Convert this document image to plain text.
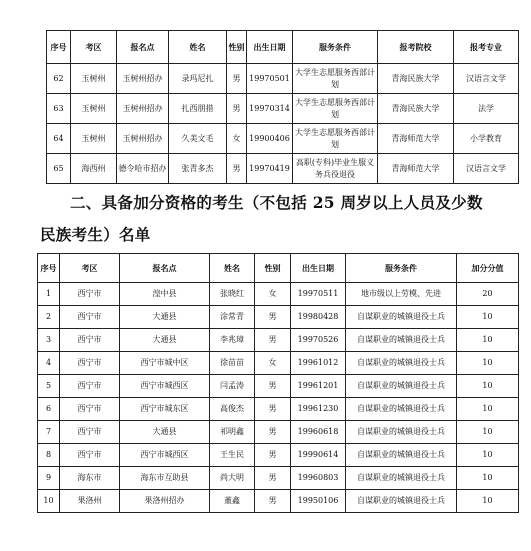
序号	考区	报名点	姓名	性别	出生日期	服务条件	报考院校	报考专业
62	玉树州	玉树州招办	录玛尼扎	男	19970501	大学生志愿服务西部计划	青海民族大学	汉语言文学
63	玉树州	玉树州招办	扎西朋措	男	19970314	大学生志愿服务西部计划	青海民族大学	法学
64	玉树州	玉树州招办	久美文毛	女	19900406	大学生志愿服务西部计划	青海师范大学	小学教育
65	海西州	德令哈市招办	张青多杰	男	19970419	高职(专科)毕业生服义务兵役退役	青海师范大学	汉语言文学
二、具备加分资格的考生（不包括 25 周岁以上人员及少数
民族考生）名单
序号	考区	报名点	姓名	性别	出生日期	服务条件	加分分值
1	西宁市	湟中县	张晓红	女	19970511	地市级以上劳模、先进	20
2	西宁市	大通县	涂常青	男	19980428	自谋职业的城镇退役士兵	10
3	西宁市	大通县	李兆璋	男	19970526	自谋职业的城镇退役士兵	10
4	西宁市	西宁市城中区	徐苗苗	女	19961012	自谋职业的城镇退役士兵	10
5	西宁市	西宁市城西区	闫孟涛	男	19961201	自谋职业的城镇退役士兵	10
6	西宁市	西宁市城东区	高俊杰	男	19961230	自谋职业的城镇退役士兵	10
7	西宁市	大通县	祁明鑫	男	19960618	自谋职业的城镇退役士兵	10
8	西宁市	西宁市城西区	王生民	男	19990614	自谋职业的城镇退役士兵	10
9	海东市	海东市互助县	尚大明	男	19960803	自谋职业的城镇退役士兵	10
10	果洛州	果洛州招办	董鑫	男	19950106	自谋职业的城镇退役士兵	10
